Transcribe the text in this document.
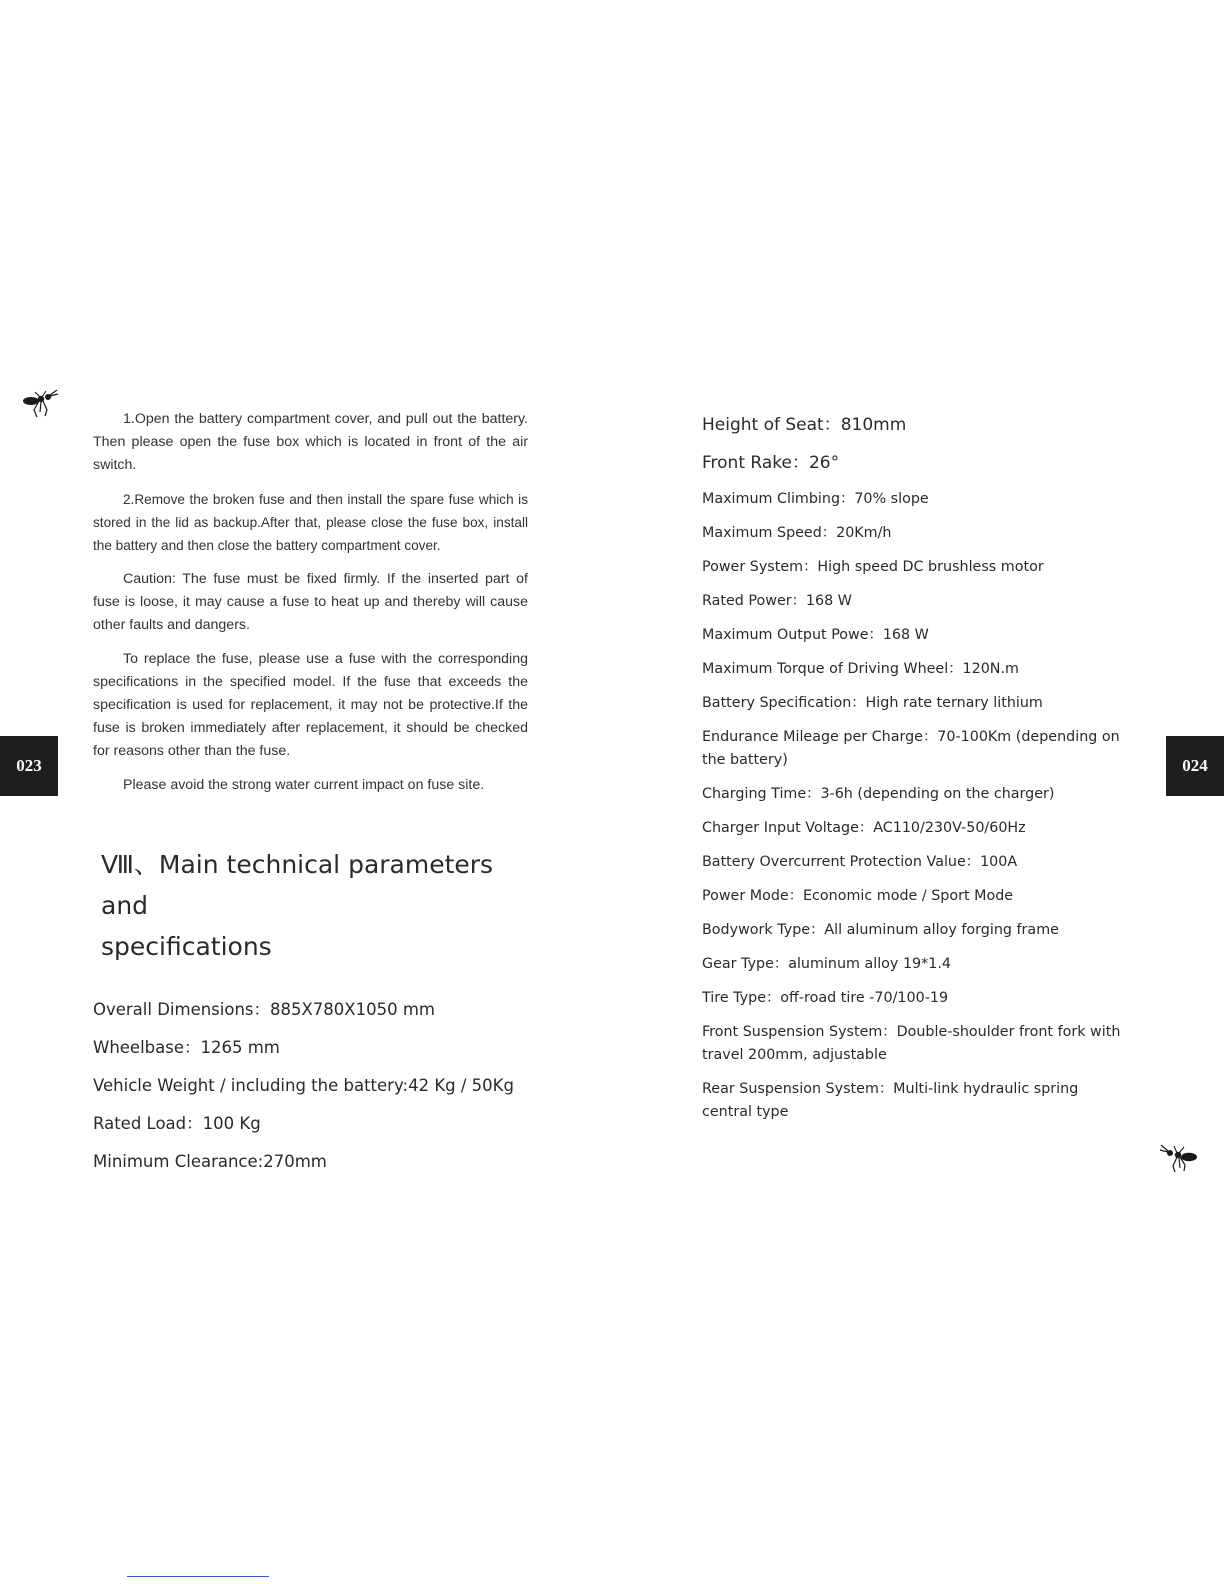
023	024

1.Open the battery compartment cover, and pull out the battery. Then please open the fuse box which is located in front of the air switch.

2.Remove the broken fuse and then install the spare fuse which is stored in the lid as backup.After that, please close the fuse box, install the battery and then close the battery compartment cover.

Caution: The fuse must be fixed firmly. If the inserted part of fuse is loose, it may cause a fuse to heat up and thereby will cause other faults and dangers.

To replace the fuse, please use a fuse with the corresponding specifications in the specified model. If the fuse that exceeds the specification is used for replacement, it may not be protective.If the fuse is broken immediately after replacement, it should be checked for reasons other than the fuse.

Please avoid the strong water current impact on fuse site.

Ⅷ、Main technical parameters and
specifications

Overall Dimensions：885X780X1050 mm

Wheelbase：1265 mm

Vehicle Weight / including the battery:42 Kg / 50Kg

Rated Load：100 Kg

Minimum Clearance:270mm

Height of Seat：810mm

Front Rake：26°

Maximum Climbing：70% slope

Maximum Speed：20Km/h

Power System：High speed DC brushless motor

Rated Power：168 W

Maximum Output Powe：168 W

Maximum Torque of Driving Wheel：120N.m

Battery Specification：High rate ternary lithium

Endurance Mileage per Charge：70-100Km (depending on the battery)

Charging Time：3-6h (depending on the charger)

Charger Input Voltage：AC110/230V-50/60Hz

Battery Overcurrent Protection Value：100A

Power Mode：Economic mode / Sport Mode

Bodywork Type：All aluminum alloy forging frame

Gear Type：aluminum alloy 19*1.4

Tire Type：off-road tire -70/100-19

Front Suspension System：Double-shoulder front fork with travel 200mm, adjustable

Rear Suspension System：Multi-link hydraulic spring central type
